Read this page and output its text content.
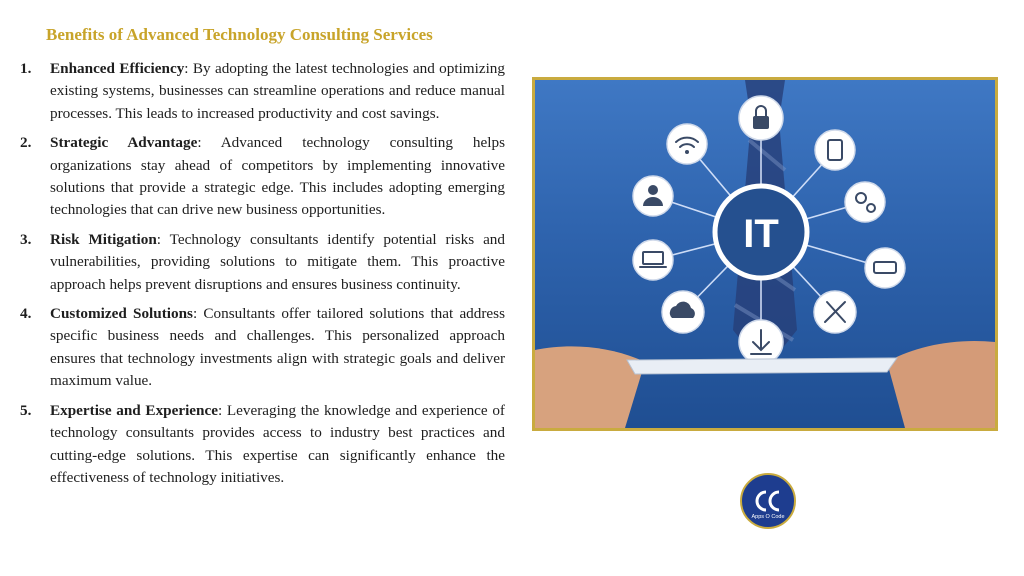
Benefits of Advanced Technology Consulting Services
1. Enhanced Efficiency: By adopting the latest technologies and optimizing existing systems, businesses can streamline operations and reduce manual processes. This leads to increased productivity and cost savings.
2. Strategic Advantage: Advanced technology consulting helps organizations stay ahead of competitors by implementing innovative solutions that provide a strategic edge. This includes adopting emerging technologies that can drive new business opportunities.
3. Risk Mitigation: Technology consultants identify potential risks and vulnerabilities, providing solutions to mitigate them. This proactive approach helps prevent disruptions and ensures business continuity.
4. Customized Solutions: Consultants offer tailored solutions that address specific business needs and challenges. This personalized approach ensures that technology investments align with strategic goals and deliver maximum value.
5. Expertise and Experience: Leveraging the knowledge and experience of technology consultants provides access to industry best practices and cutting-edge solutions. This expertise can significantly enhance the effectiveness of technology initiatives.
IT
Apps O Code
